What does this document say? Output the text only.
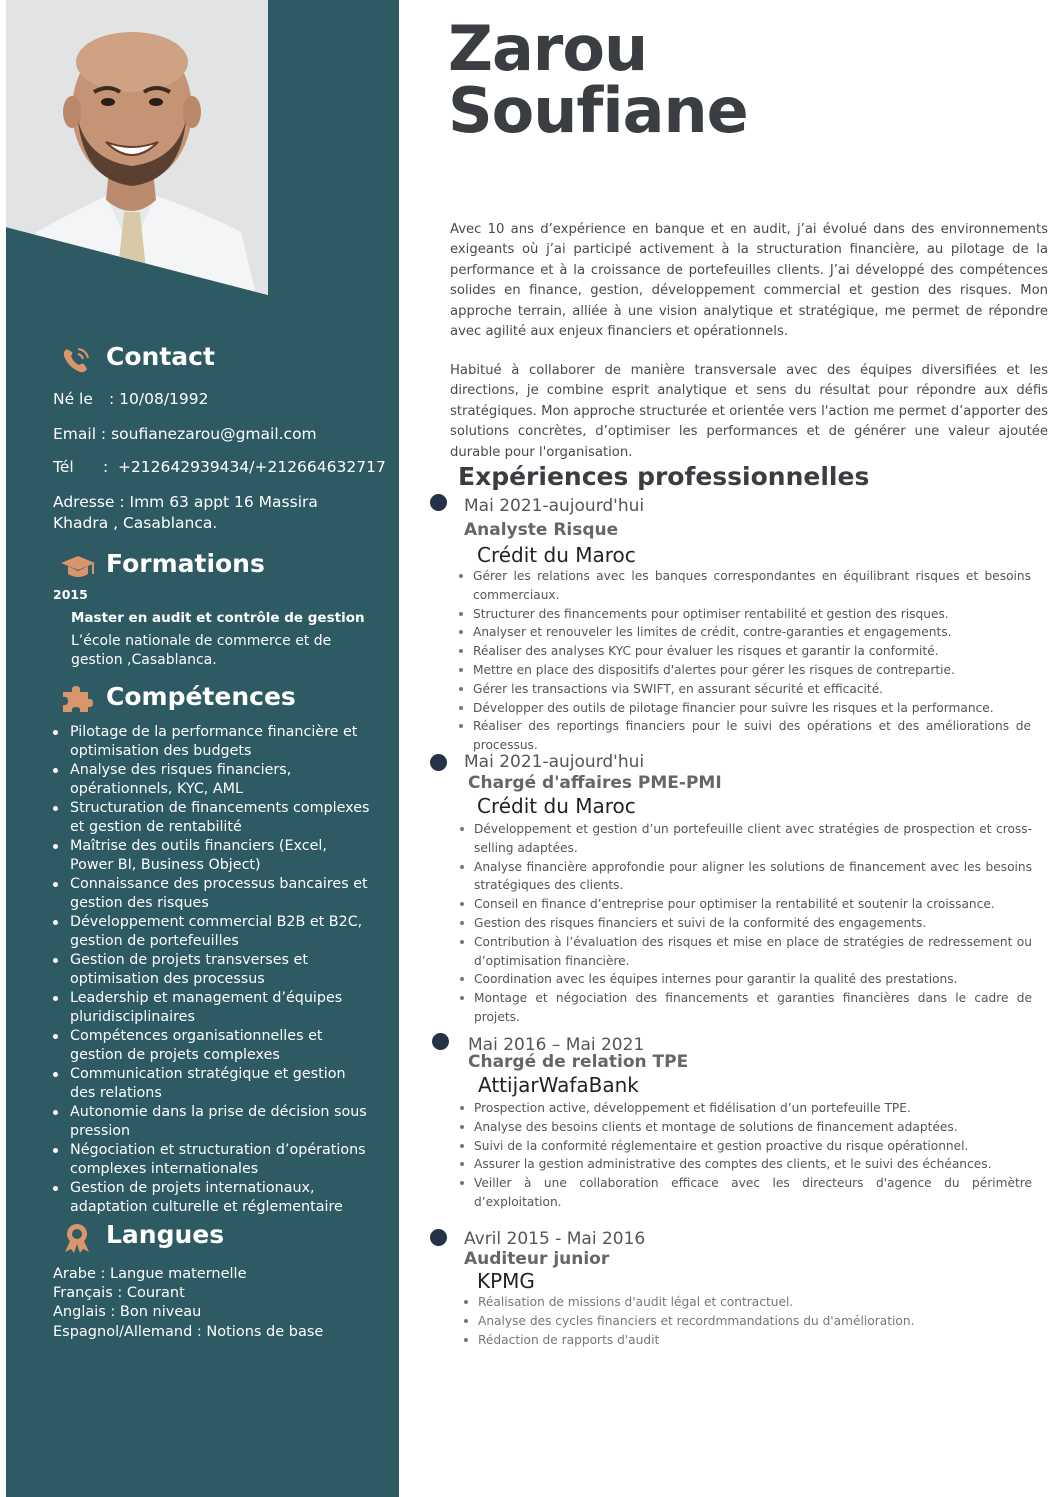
Contact
Né le : 10/08/1992
Email : soufianezarou@gmail.com
Tél : +212642939434/+212664632717
Adresse : Imm 63 appt 16 Massira
Khadra , Casablanca.
Formations
2015
Master en audit et contrôle de gestion
L’école nationale de commerce et de gestion ,Casablanca.
Compétences
Pilotage de la performance financière et optimisation des budgets
Analyse des risques financiers, opérationnels, KYC, AML
Structuration de financements complexes et gestion de rentabilité
Maîtrise des outils financiers (Excel, Power BI, Business Object)
Connaissance des processus bancaires et gestion des risques
Développement commercial B2B et B2C, gestion de portefeuilles
Gestion de projets transverses et optimisation des processus
Leadership et management d’équipes pluridisciplinaires
Compétences organisationnelles et gestion de projets complexes
Communication stratégique et gestion des relations
Autonomie dans la prise de décision sous pression
Négociation et structuration d’opérations complexes internationales
Gestion de projets internationaux, adaptation culturelle et réglementaire
Langues
Arabe : Langue maternelle
Français : Courant
Anglais : Bon niveau
Espagnol/Allemand : Notions de base
Zarou
Soufiane
Avec 10 ans d’expérience en banque et en audit, j’ai évolué dans des environnements exigeants où j’ai participé activement à la structuration financière, au pilotage de la performance et à la croissance de portefeuilles clients. J’ai développé des compétences solides en finance, gestion, développement commercial et gestion des risques. Mon approche terrain, alliée à une vision analytique et stratégique, me permet de répondre avec agilité aux enjeux financiers et opérationnels.
Habitué à collaborer de manière transversale avec des équipes diversifiées et les directions, je combine esprit analytique et sens du résultat pour répondre aux défis stratégiques. Mon approche structurée et orientée vers l'action me permet d’apporter des solutions concrètes, d’optimiser les performances et de générer une valeur ajoutée durable pour l'organisation.
Expériences professionnelles
Mai 2021-aujourd'hui
Analyste Risque
Crédit du Maroc
Gérer les relations avec les banques correspondantes en équilibrant risques et besoins commerciaux.
Structurer des financements pour optimiser rentabilité et gestion des risques.
Analyser et renouveler les limites de crédit, contre-garanties et engagements.
Réaliser des analyses KYC pour évaluer les risques et garantir la conformité.
Mettre en place des dispositifs d'alertes pour gérer les risques de contrepartie.
Gérer les transactions via SWIFT, en assurant sécurité et efficacité.
Développer des outils de pilotage financier pour suivre les risques et la performance.
Réaliser des reportings financiers pour le suivi des opérations et des améliorations de processus.
Mai 2021-aujourd'hui
Chargé d'affaires PME-PMI
Crédit du Maroc
Développement et gestion d’un portefeuille client avec stratégies de prospection et cross-selling adaptées.
Analyse financière approfondie pour aligner les solutions de financement avec les besoins stratégiques des clients.
Conseil en finance d’entreprise pour optimiser la rentabilité et soutenir la croissance.
Gestion des risques financiers et suivi de la conformité des engagements.
Contribution à l’évaluation des risques et mise en place de stratégies de redressement ou d’optimisation financière.
Coordination avec les équipes internes pour garantir la qualité des prestations.
Montage et négociation des financements et garanties financières dans le cadre de projets.
Mai 2016 – Mai 2021
Chargé de relation TPE
AttijarWafaBank
Prospection active, développement et fidélisation d’un portefeuille TPE.
Analyse des besoins clients et montage de solutions de financement adaptées.
Suivi de la conformité réglementaire et gestion proactive du risque opérationnel.
Assurer la gestion administrative des comptes des clients, et le suivi des échéances.
Veiller à une collaboration efficace avec les directeurs d'agence du périmètre d’exploitation.
Avril 2015 - Mai 2016
Auditeur junior
KPMG
Réalisation de missions d'audit légal et contractuel.
Analyse des cycles financiers et recordmmandations du d'amélioration.
Rédaction de rapports d'audit
